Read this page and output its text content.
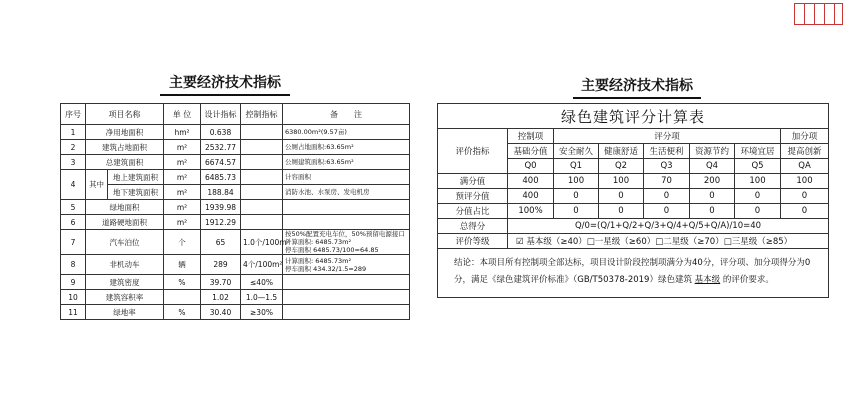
主要经济技术指标	主要经济技术指标
序号	项目名称		单 位	设计指标	控制指标	备　　注
1	净用地面积		hm²	0.638		6380.00m²(9.57亩)
2	建筑占地面积		m²	2532.77		公厕占地面积:63.65m²
3	总建筑面积		m²	6674.57		公厕建筑面积:63.65m²
4	其中	地上建筑面积	m²	6485.73		计容面积
		地下建筑面积	m²	188.84		消防水池、水泵房、发电机房
5	绿地面积		m²	1939.98		
6	道路硬地面积		m²	1912.29		
7	汽车泊位		个	65	1.0个/100m²	按50%配置充电车位，50%预留电源接口
计算面积: 6485.73m²
停车面积 6485.73/100=64.85
8	非机动车		辆	289	4个/100m²	计算面积: 6485.73m²
停车面积 434.32/1.5=289
9	建筑密度		%	39.70	≤40%	
10	建筑容积率			1.02	1.0—1.5	
11	绿地率		%	30.40	≥30%	
绿色建筑评分计算表							
评价指标	控制项	评分项					加分项
	基础分值	安全耐久	健康舒适	生活便利	资源节约	环境宜居	提高创新
	Q0	Q1	Q2	Q3	Q4	Q5	QA
满分值	400	100	100	70	200	100	100
预评分值	400	0	0	0	0	0	0
分值占比	100%	0	0	0	0	0	0
总得分	Q/0=(Q/1+Q/2+Q/3+Q/4+Q/5+Q/A)/10=40						
评价等级	☑ 基本级（≥40）□一星级（≥60）□二星级（≥70）□三星级（≥85）						
结论：本项目所有控制项全部达标，项目设计阶段控制项满分为40分，评分项、加分项得分为0分，满足《绿色建筑评价标准》（GB/T50378-2019）绿色建筑 基本级 的评价要求。							
